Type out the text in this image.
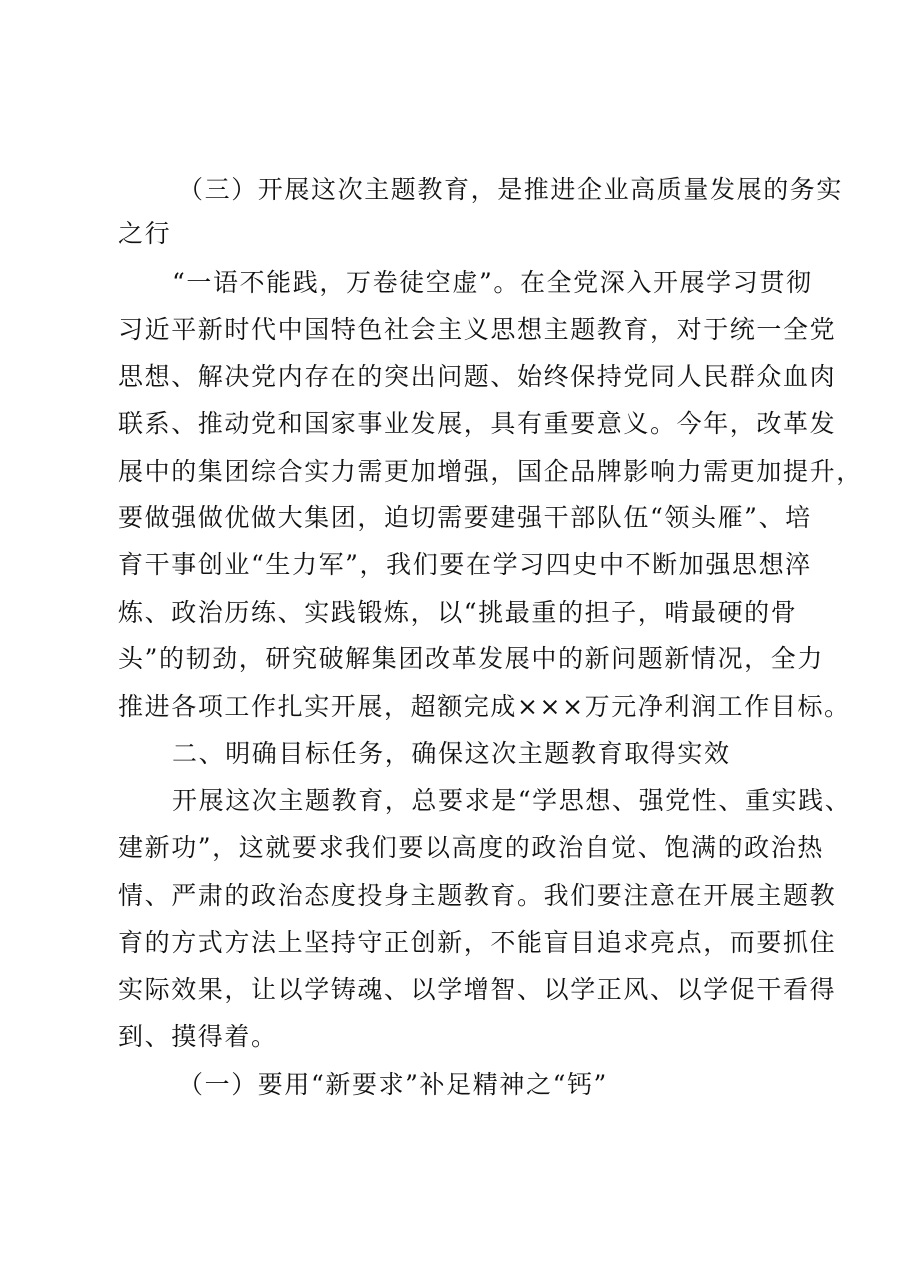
（三）开展这次主题教育，是推进企业高质量发展的务实
之行
“一语不能践，万卷徒空虚”。在全党深入开展学习贯彻
习近平新时代中国特色社会主义思想主题教育，对于统一全党
思想、解决党内存在的突出问题、始终保持党同人民群众血肉
联系、推动党和国家事业发展，具有重要意义。今年，改革发
展中的集团综合实力需更加增强，国企品牌影响力需更加提升，
要做强做优做大集团，迫切需要建强干部队伍“领头雁”、培
育干事创业“生力军”，我们要在学习四史中不断加强思想淬
炼、政治历练、实践锻炼，以“挑最重的担子，啃最硬的骨
头”的韧劲，研究破解集团改革发展中的新问题新情况，全力
推进各项工作扎实开展，超额完成×××万元净利润工作目标。
二、明确目标任务，确保这次主题教育取得实效
开展这次主题教育，总要求是“学思想、强党性、重实践、
建新功”，这就要求我们要以高度的政治自觉、饱满的政治热
情、严肃的政治态度投身主题教育。我们要注意在开展主题教
育的方式方法上坚持守正创新，不能盲目追求亮点，而要抓住
实际效果，让以学铸魂、以学增智、以学正风、以学促干看得
到、摸得着。
（一）要用“新要求”补足精神之“钙”
